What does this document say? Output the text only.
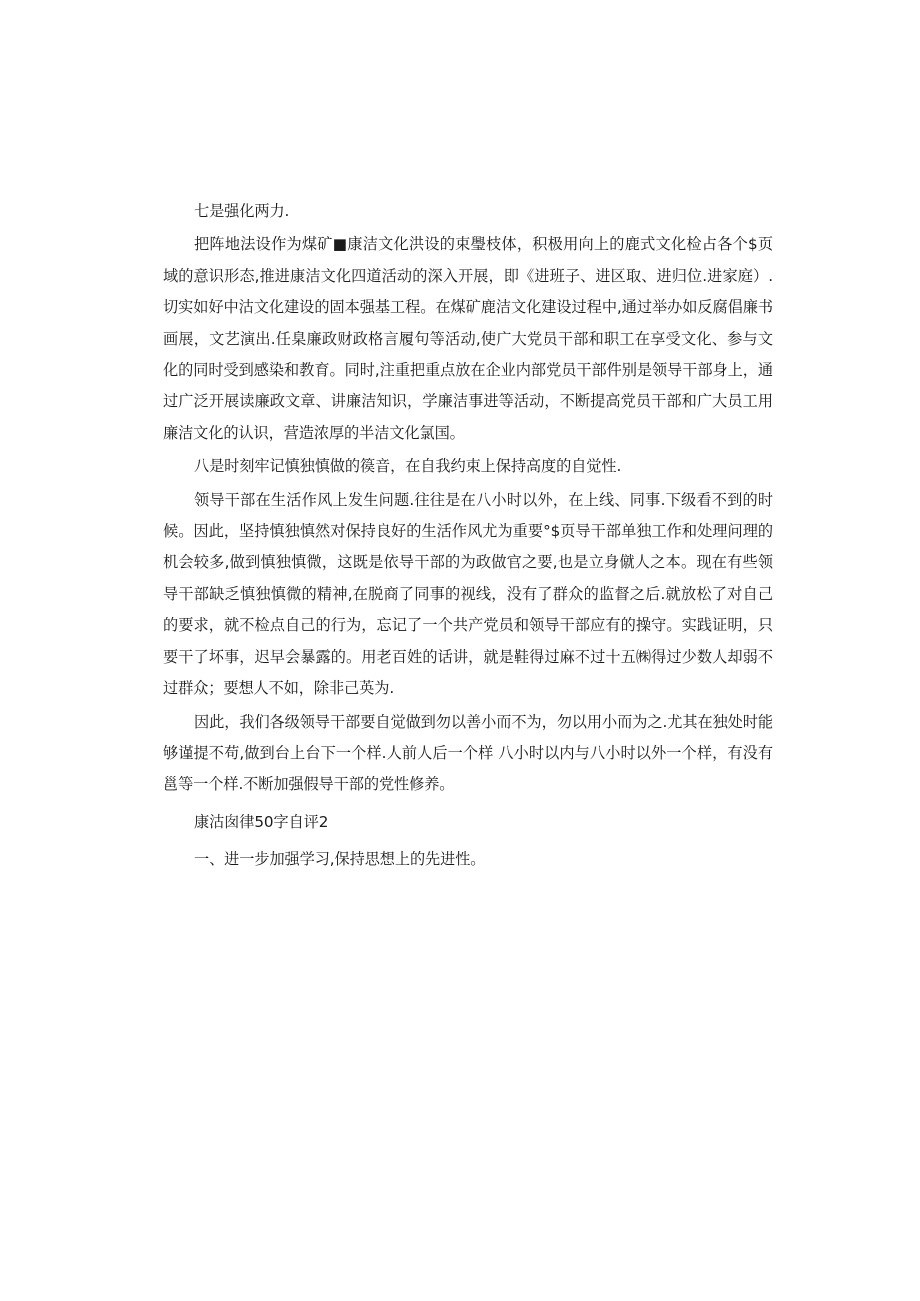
七是强化两力.

把阵地法设作为煤矿■康洁文化洪设的束璺枝体，积极用向上的鹿式文化检占各个$页域的意识形态,推进康洁文化四道活动的深入开展，即《进班子、进区取、进归位.进家庭）.切实如好中沽文化建设的固本强基工程。在煤矿鹿洁文化建设过程中,通过举办如反腐倡廉书画展，文艺演出.任臬廉政财政格言履句等活动,使广大党员干部和职工在享受文化、参与文化的同时受到感染和教育。同时,注重把重点放在企业内部党员干部件别是领导干部身上，通过广泛开展读廉政文章、讲廉洁知识，学廉洁事进等活动，不断提高党员干部和广大员工用廉洁文化的认识，营造浓厚的半洁文化氯国。

八是时刻牢记慎独慎做的篌音，在自我约束上保持高度的自觉性.

领导干部在生活作风上发生问题.往往是在八小时以外，在上线、同事.下级看不到的时候。因此，坚持慎独慎然对保持良好的生活作风尤为重要°$页导干部单独工作和处理问理的机会较多,做到慎独慎微，这既是依导干部的为政做官之要,也是立身僦人之本。现在有些领导干部缺乏慎独慎微的精神,在脱商了同事的视线，没有了群众的监督之后.就放松了对自己的要求，就不检点自己的行为，忘记了一个共产党员和领导干部应有的操守。实践证明，只要干了坏事，迟早会暴露的。用老百姓的话讲，就是鞋得过麻不过十五㈱得过少数人却弱不过群众；要想人不如，除非己英为.

因此，我们各级领导干部要自觉做到勿以善小而不为，勿以用小而为之.尤其在独处时能够谨提不苟,做到台上台下一个样.人前人后一个样 八小时以内与八小时以外一个样，有没有邕等一个样.不断加强假导干部的党性修养。

康沽囱律50字自评2

一、进一步加强学习,保持思想上的先进性。
